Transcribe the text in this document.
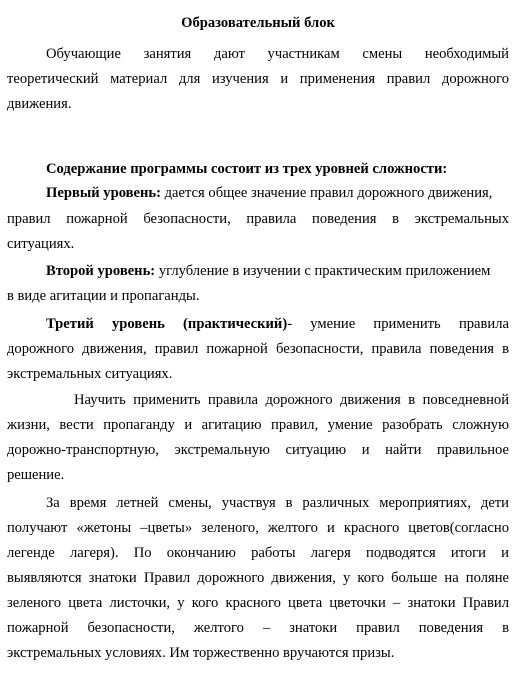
Образовательный блок
Обучающие занятия дают участникам смены необходимый
теоретический материал для изучения и применения правил дорожного
движения.
Содержание программы состоит из трех уровней сложности:
Первый уровень: дается общее значение правил дорожного движения,
правил пожарной безопасности, правила поведения в экстремальных
ситуациях.
Второй уровень: углубление в изучении с практическим приложением
в виде агитации и пропаганды.
Третий уровень (практический)- умение применить правила
дорожного движения, правил пожарной безопасности, правила поведения в
экстремальных ситуациях.
Научить применить правила дорожного движения в повседневной
жизни, вести пропаганду и агитацию правил, умение разобрать сложную
дорожно-транспортную, экстремальную ситуацию и найти правильное
решение.
За время летней смены, участвуя в различных мероприятиях, дети
получают «жетоны –цветы» зеленого, желтого и красного цветов(согласно
легенде лагеря). По окончанию работы лагеря подводятся итоги и
выявляются знатоки Правил дорожного движения, у кого больше на поляне
зеленого цвета листочки, у кого красного цвета цветочки – знатоки Правил
пожарной безопасности, желтого – знатоки правил поведения в
экстремальных условиях. Им торжественно вручаются призы.
